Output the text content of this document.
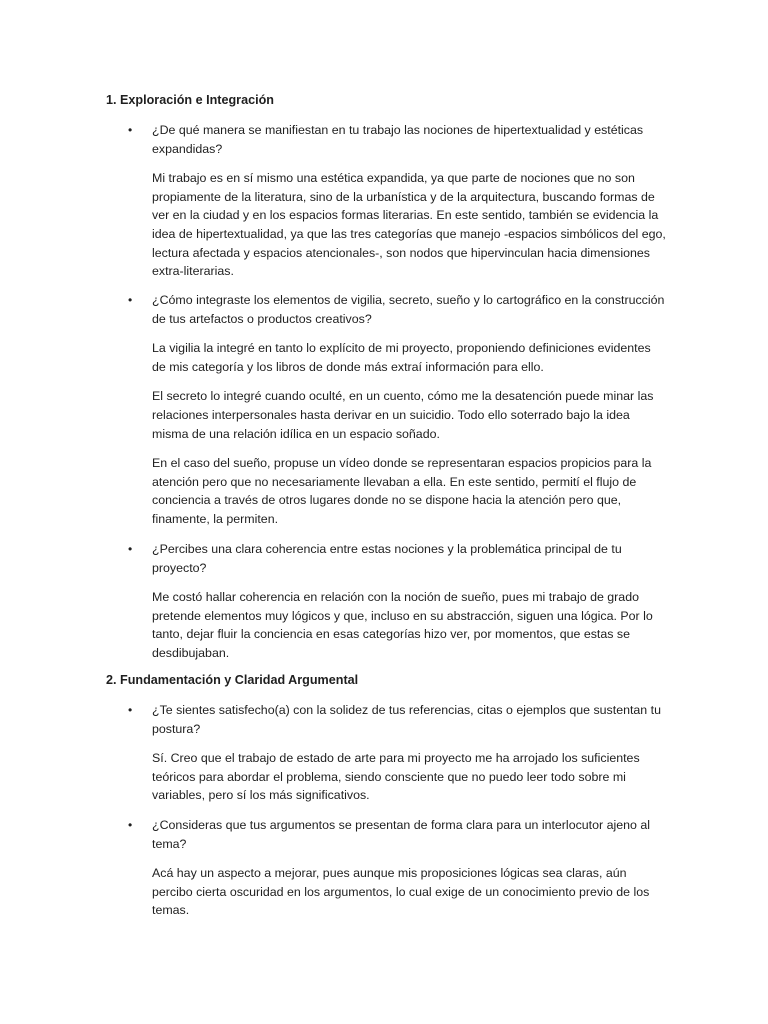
1. Exploración e Integración
• ¿De qué manera se manifiestan en tu trabajo las nociones de hipertextualidad y estéticas expandidas?

Mi trabajo es en sí mismo una estética expandida, ya que parte de nociones que no son propiamente de la literatura, sino de la urbanística y de la arquitectura, buscando formas de ver en la ciudad y en los espacios formas literarias. En este sentido, también se evidencia la idea de hipertextualidad, ya que las tres categorías que manejo -espacios simbólicos del ego, lectura afectada y espacios atencionales-, son nodos que hipervinculan hacia dimensiones extra-literarias.

• ¿Cómo integraste los elementos de vigilia, secreto, sueño y lo cartográfico en la construcción de tus artefactos o productos creativos?

La vigilia la integré en tanto lo explícito de mi proyecto, proponiendo definiciones evidentes de mis categoría y los libros de donde más extraí información para ello.

El secreto lo integré cuando oculté, en un cuento, cómo me la desatención puede minar las relaciones interpersonales hasta derivar en un suicidio. Todo ello soterrado bajo la idea misma de una relación idílica en un espacio soñado.

En el caso del sueño, propuse un vídeo donde se representaran espacios propicios para la atención pero que no necesariamente llevaban a ella. En este sentido, permití el flujo de conciencia a través de otros lugares donde no se dispone hacia la atención pero que, finamente, la permiten.

• ¿Percibes una clara coherencia entre estas nociones y la problemática principal de tu proyecto?

Me costó hallar coherencia en relación con la noción de sueño, pues mi trabajo de grado pretende elementos muy lógicos y que, incluso en su abstracción, siguen una lógica. Por lo tanto, dejar fluir la conciencia en esas categorías hizo ver, por momentos, que estas se desdibujaban.

2. Fundamentación y Claridad Argumental
• ¿Te sientes satisfecho(a) con la solidez de tus referencias, citas o ejemplos que sustentan tu postura?

Sí. Creo que el trabajo de estado de arte para mi proyecto me ha arrojado los suficientes teóricos para abordar el problema, siendo consciente que no puedo leer todo sobre mi variables, pero sí los más significativos.

• ¿Consideras que tus argumentos se presentan de forma clara para un interlocutor ajeno al tema?

Acá hay un aspecto a mejorar, pues aunque mis proposiciones lógicas sea claras, aún percibo cierta oscuridad en los argumentos, lo cual exige de un conocimiento previo de los temas.
